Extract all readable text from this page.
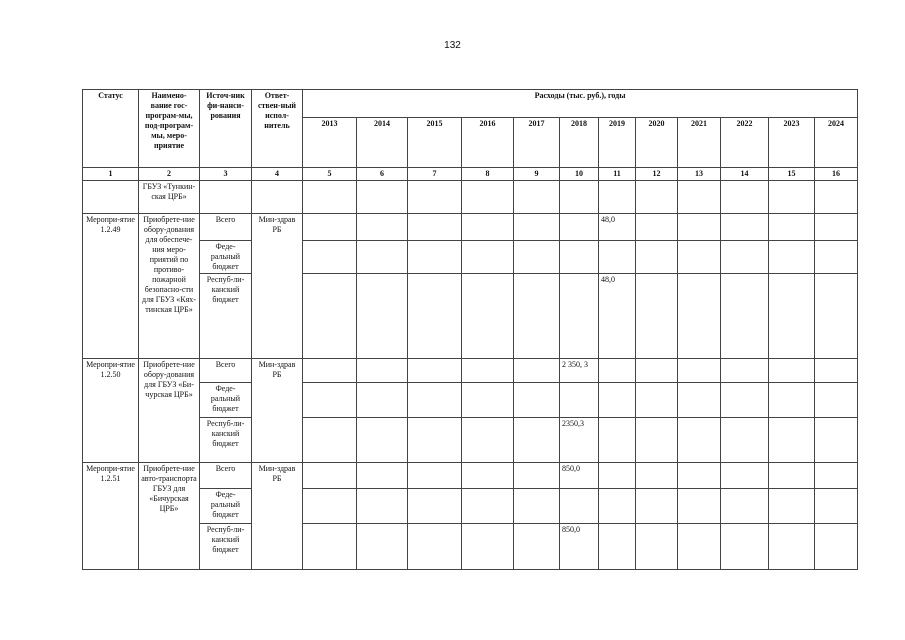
132
Статус	Наимено-вание гос-програм-мы, под-програм-мы, меро-приятие	Источ-ник фи-нанси-рования	Ответ-ствен-ный испол-нитель	Расходы (тыс. руб.), годы											
				2013	2014	2015	2016	2017	2018	2019	2020	2021	2022	2023	2024
1	2	3	4	5	6	7	8	9	10	11	12	13	14	15	16
	ГБУЗ «Тункин-ская ЦРБ»														
Меропри-ятие 1.2.49	Приобрете-ние обору-дования для обеспече-ния меро-приятий по противо-пожарной безопасно-сти для ГБУЗ «Кях-тинская ЦРБ»	Всего	Мин-здрав РБ							48,0					
		Феде-ральный бюджет													
		Респуб-ли-канский бюджет								48,0					
Меропри-ятие 1.2.50	Приобрете-ние обору-дования для ГБУЗ «Би-чурская ЦРБ»	Всего	Мин-здрав РБ						2 350, 3						
		Феде-ральный бюджет													
		Респуб-ли-канский бюджет							2350,3						
Меропри-ятие 1.2.51	Приобрете-ние авто-транспорта ГБУЗ для «Бичурская ЦРБ»	Всего	Мин-здрав РБ						850,0						
		Феде-ральный бюджет													
		Респуб-ли-канский бюджет							850,0						
